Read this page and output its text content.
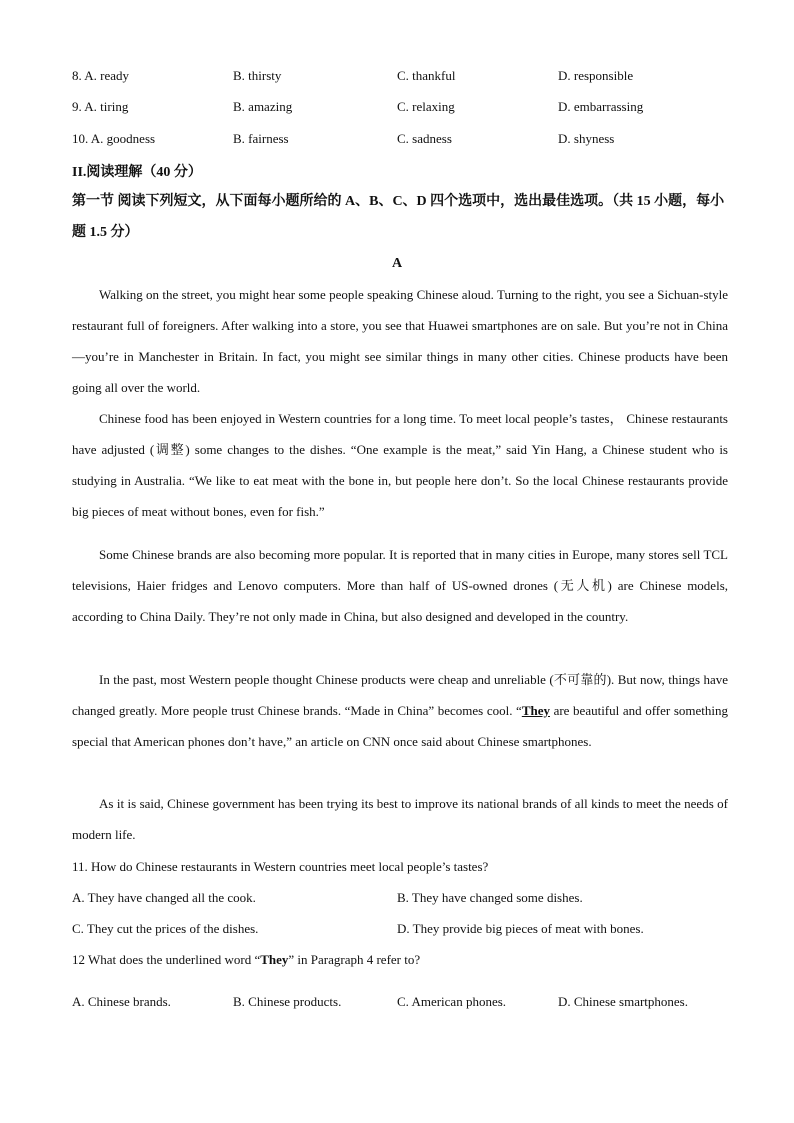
8. A. ready	B. thirsty	C. thankful	D. responsible
9. A. tiring	B. amazing	C. relaxing	D. embarrassing
10. A. goodness	B. fairness	C. sadness	D. shyness
II.阅读理解（40 分）
第一节 阅读下列短文，从下面每小题所给的 A、B、C、D 四个选项中，选出最佳选项。（共 15 小题，每小题 1.5 分）
A
Walking on the street, you might hear some people speaking Chinese aloud. Turning to the right, you see a Sichuan-style restaurant full of foreigners. After walking into a store, you see that Huawei smartphones are on sale. But you’re not in China—you’re in Manchester in Britain. In fact, you might see similar things in many other cities. Chinese products have been going all over the world.
Chinese food has been enjoyed in Western countries for a long time. To meet local people’s tastes， Chinese restaurants have adjusted (调整) some changes to the dishes. “One example is the meat,” said Yin Hang, a Chinese student who is studying in Australia. “We like to eat meat with the bone in, but people here don’t. So the local Chinese restaurants provide big pieces of meat without bones, even for fish.”
Some Chinese brands are also becoming more popular. It is reported that in many cities in Europe, many stores sell TCL televisions, Haier fridges and Lenovo computers. More than half of US-owned drones (无人机) are Chinese models, according to China Daily. They’re not only made in China, but also designed and developed in the country.
In the past, most Western people thought Chinese products were cheap and unreliable (不可靠的). But now, things have changed greatly. More people trust Chinese brands. “Made in China” becomes cool. “They are beautiful and offer something special that American phones don’t have,” an article on CNN once said about Chinese smartphones.
As it is said, Chinese government has been trying its best to improve its national brands of all kinds to meet the needs of modern life.
11. How do Chinese restaurants in Western countries meet local people’s tastes?
A. They have changed all the cook.	B. They have changed some dishes.
C. They cut the prices of the dishes.	D. They provide big pieces of meat with bones.
12 What does the underlined word “They” in Paragraph 4 refer to?
A. Chinese brands.	B. Chinese products.	C. American phones.	D. Chinese smartphones.
